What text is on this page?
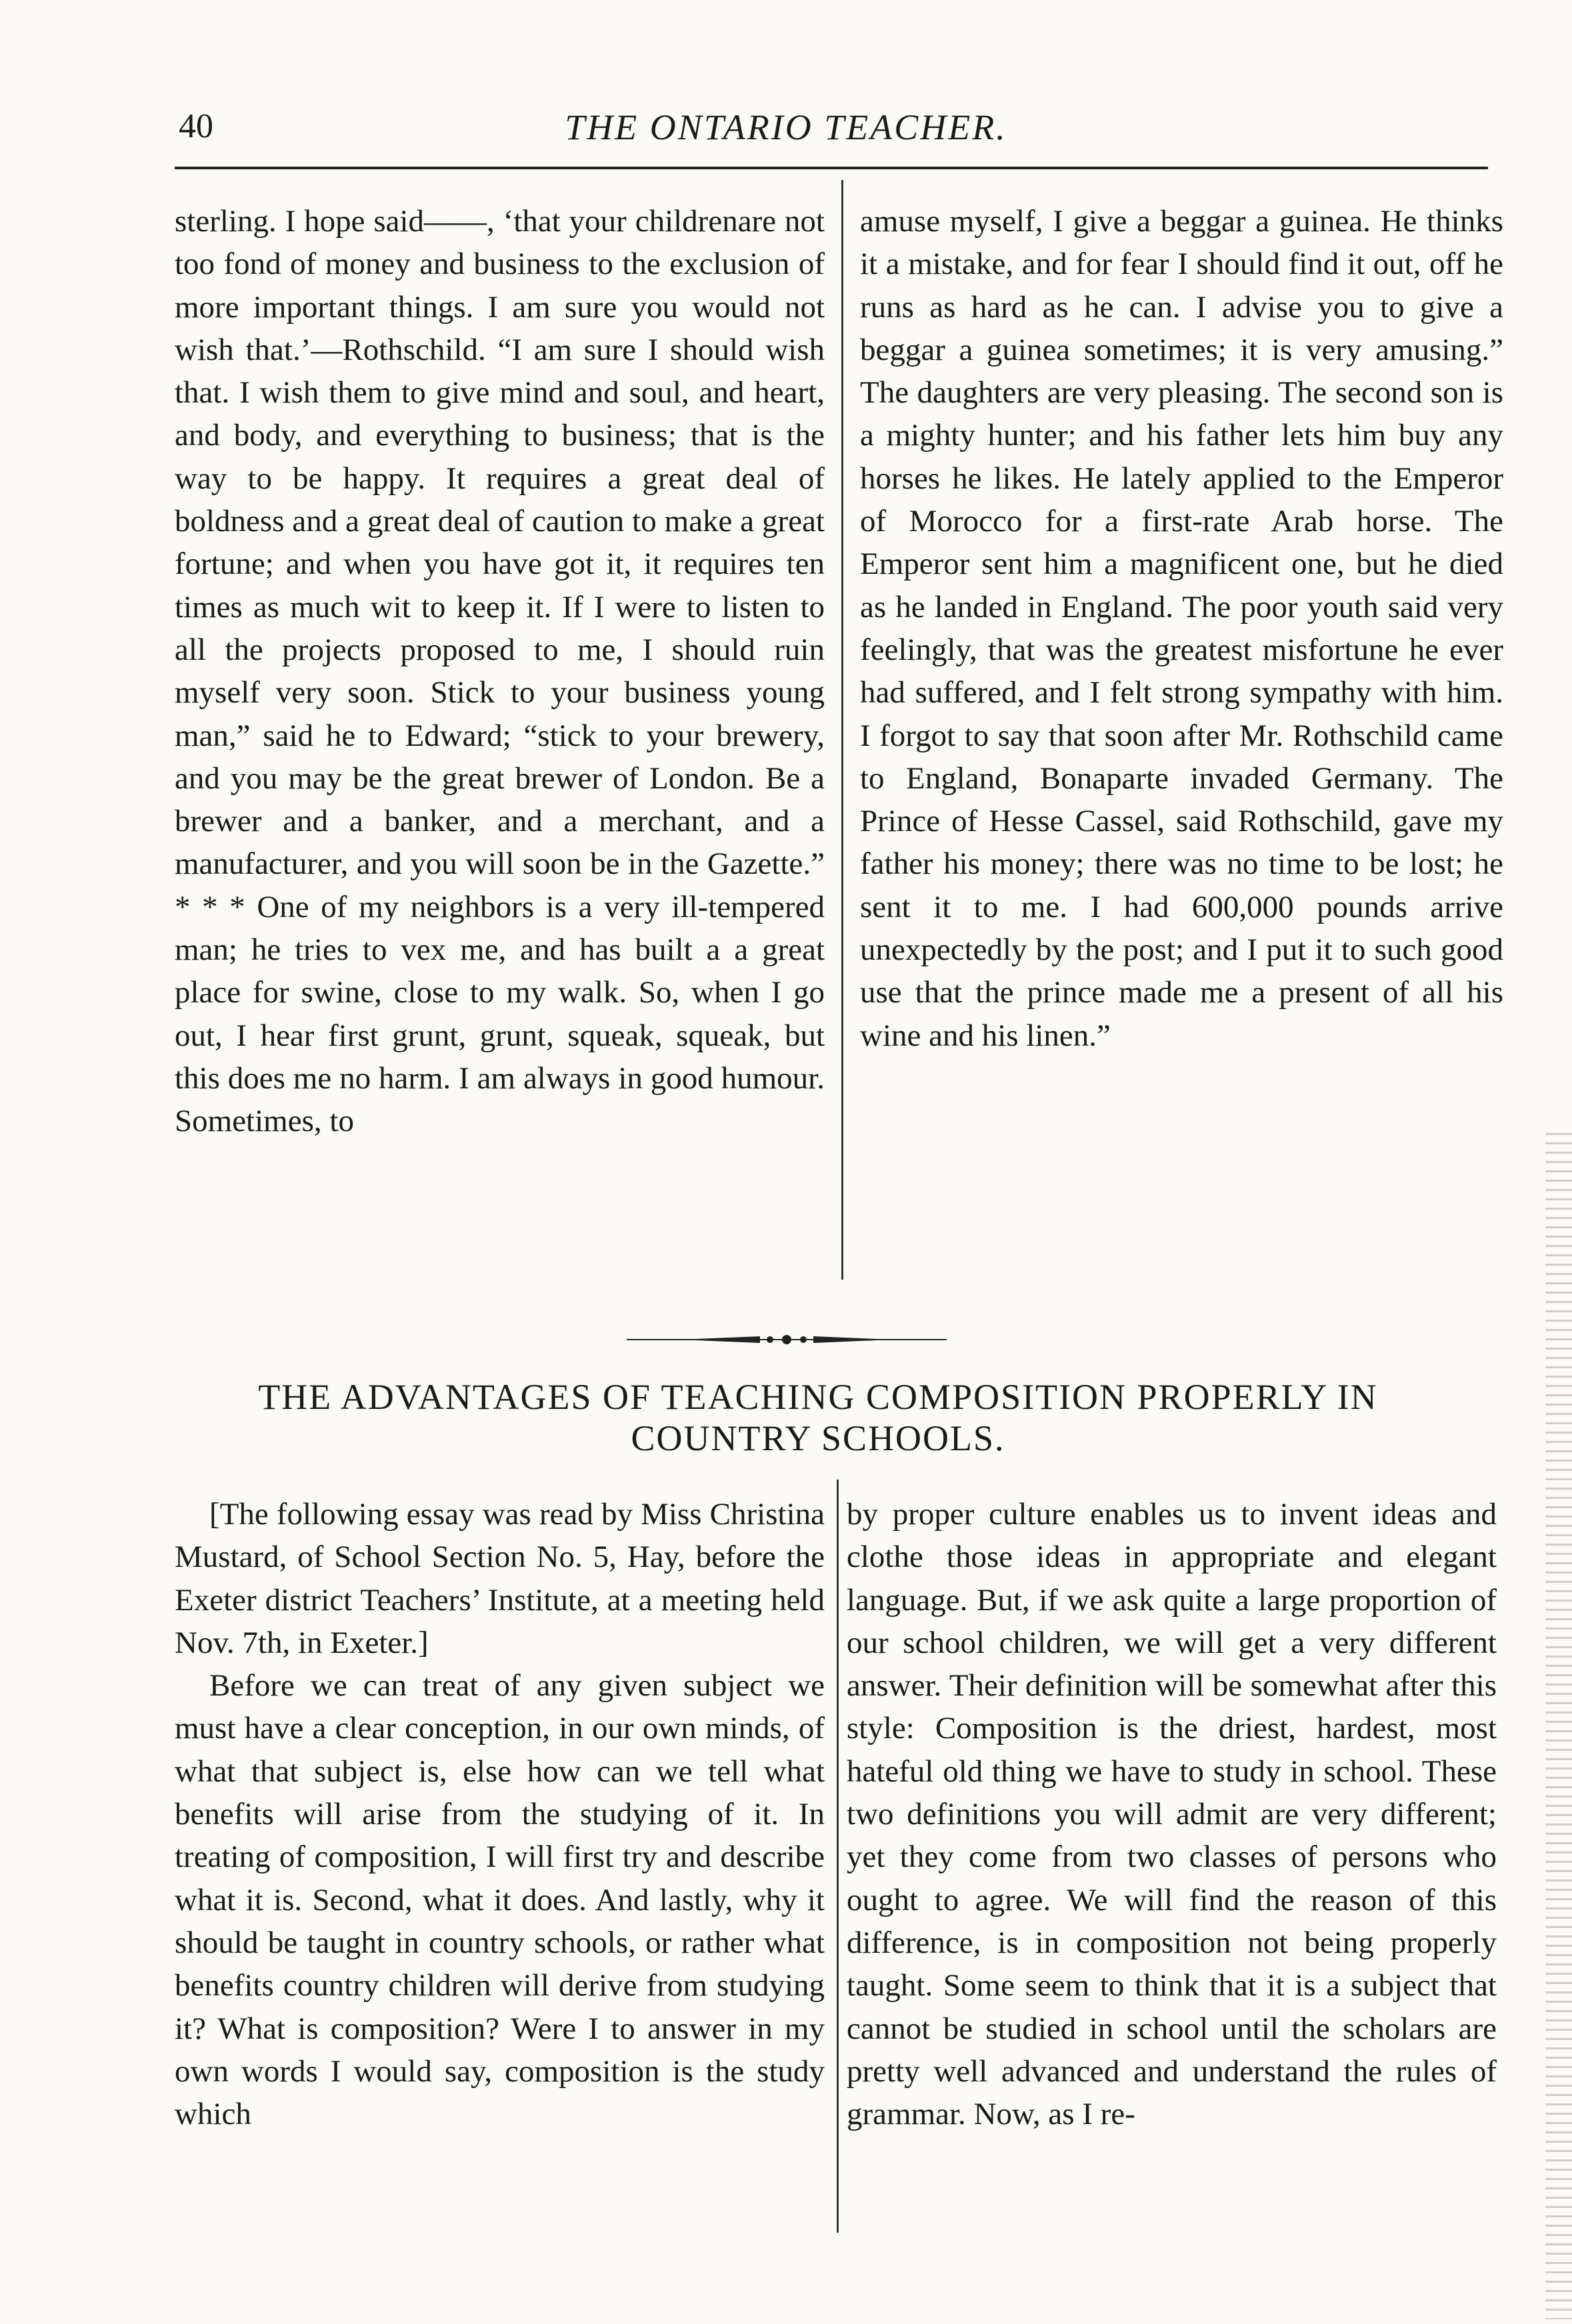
40	THE ONTARIO TEACHER.

sterling. I hope said——, ‘that your childrenare not too fond of money and business to the exclusion of more important things. I am sure you would not wish that.’—Rothschild. “I am sure I should wish that. I wish them to give mind and soul, and heart, and body, and everything to business; that is the way to be happy. It requires a great deal of boldness and a great deal of caution to make a great fortune; and when you have got it, it requires ten times as much wit to keep it. If I were to listen to all the projects proposed to me, I should ruin myself very soon. Stick to your business young man,” said he to Edward; “stick to your brewery, and you may be the great brewer of London. Be a brewer and a banker, and a merchant, and a manufacturer, and you will soon be in the Gazette.” * * * One of my neighbors is a very ill-tempered man; he tries to vex me, and has built a a great place for swine, close to my walk. So, when I go out, I hear first grunt, grunt, squeak, squeak, but this does me no harm. I am always in good humour. Sometimes, to

amuse myself, I give a beggar a guinea. He thinks it a mistake, and for fear I should find it out, off he runs as hard as he can. I advise you to give a beggar a guinea sometimes; it is very amusing.” The daughters are very pleasing. The second son is a mighty hunter; and his father lets him buy any horses he likes. He lately applied to the Emperor of Morocco for a first-rate Arab horse. The Emperor sent him a magnificent one, but he died as he landed in England. The poor youth said very feelingly, that was the greatest misfortune he ever had suffered, and I felt strong sympathy with him. I forgot to say that soon after Mr. Rothschild came to England, Bonaparte invaded Germany. The Prince of Hesse Cassel, said Rothschild, gave my father his money; there was no time to be lost; he sent it to me. I had 600,000 pounds arrive unexpectedly by the post; and I put it to such good use that the prince made me a present of all his wine and his linen.”

THE ADVANTAGES OF TEACHING COMPOSITION PROPERLY IN
COUNTRY SCHOOLS.

[The following essay was read by Miss Christina Mustard, of School Section No. 5, Hay, before the Exeter district Teachers’ Institute, at a meeting held Nov. 7th, in Exeter.]

Before we can treat of any given subject we must have a clear conception, in our own minds, of what that subject is, else how can we tell what benefits will arise from the studying of it. In treating of composition, I will first try and describe what it is. Second, what it does. And lastly, why it should be taught in country schools, or rather what benefits country children will derive from studying it? What is composition? Were I to answer in my own words I would say, composition is the study which

by proper culture enables us to invent ideas and clothe those ideas in appropriate and elegant language. But, if we ask quite a large proportion of our school children, we will get a very different answer. Their definition will be somewhat after this style: Composition is the driest, hardest, most hateful old thing we have to study in school. These two definitions you will admit are very different; yet they come from two classes of persons who ought to agree. We will find the reason of this difference, is in composition not being properly taught. Some seem to think that it is a subject that cannot be studied in school until the scholars are pretty well advanced and understand the rules of grammar. Now, as I re-
